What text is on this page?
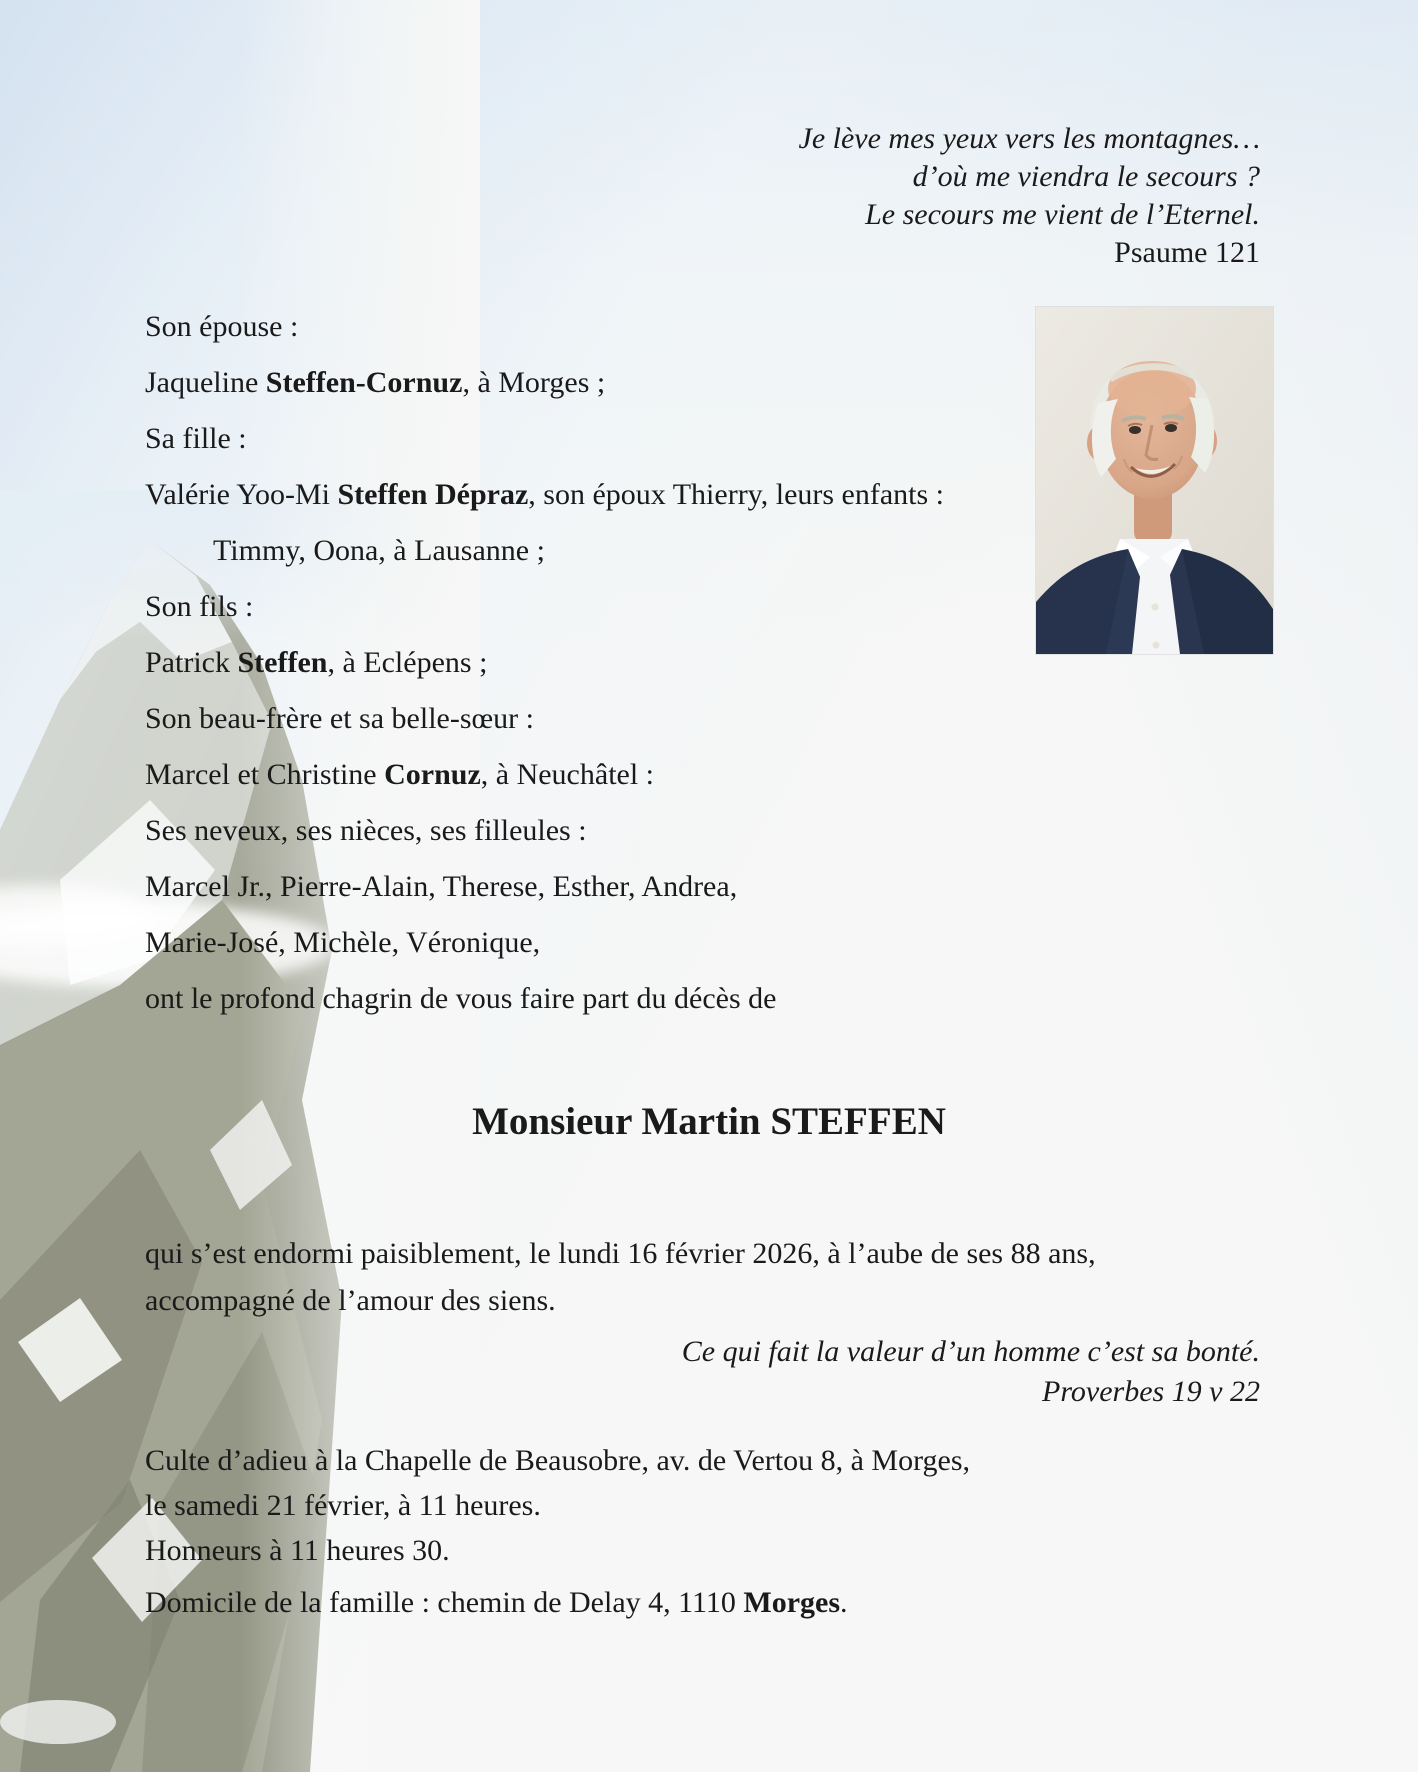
Je lève mes yeux vers les montagnes…
d’où me viendra le secours ?
Le secours me vient de l’Eternel.
Psaume 121
Son épouse :
Jaqueline Steffen-Cornuz, à Morges ;
Sa fille :
Valérie Yoo-Mi Steffen Dépraz, son époux Thierry, leurs enfants :
Timmy, Oona, à Lausanne ;
Son fils :
Patrick Steffen, à Eclépens ;
Son beau-frère et sa belle-sœur :
Marcel et Christine Cornuz, à Neuchâtel :
Ses neveux, ses nièces, ses filleules :
Marcel Jr., Pierre-Alain, Therese, Esther, Andrea,
Marie-José, Michèle, Véronique,
ont le profond chagrin de vous faire part du décès de
Monsieur Martin STEFFEN
qui s’est endormi paisiblement, le lundi 16 février 2026, à l’aube de ses 88 ans, accompagné de l’amour des siens.
Ce qui fait la valeur d’un homme c’est sa bonté.
Proverbes 19 v 22
Culte d’adieu à la Chapelle de Beausobre, av. de Vertou 8, à Morges,
le samedi 21 février, à 11 heures.
Honneurs à 11 heures 30.
Domicile de la famille : chemin de Delay 4, 1110 Morges.
